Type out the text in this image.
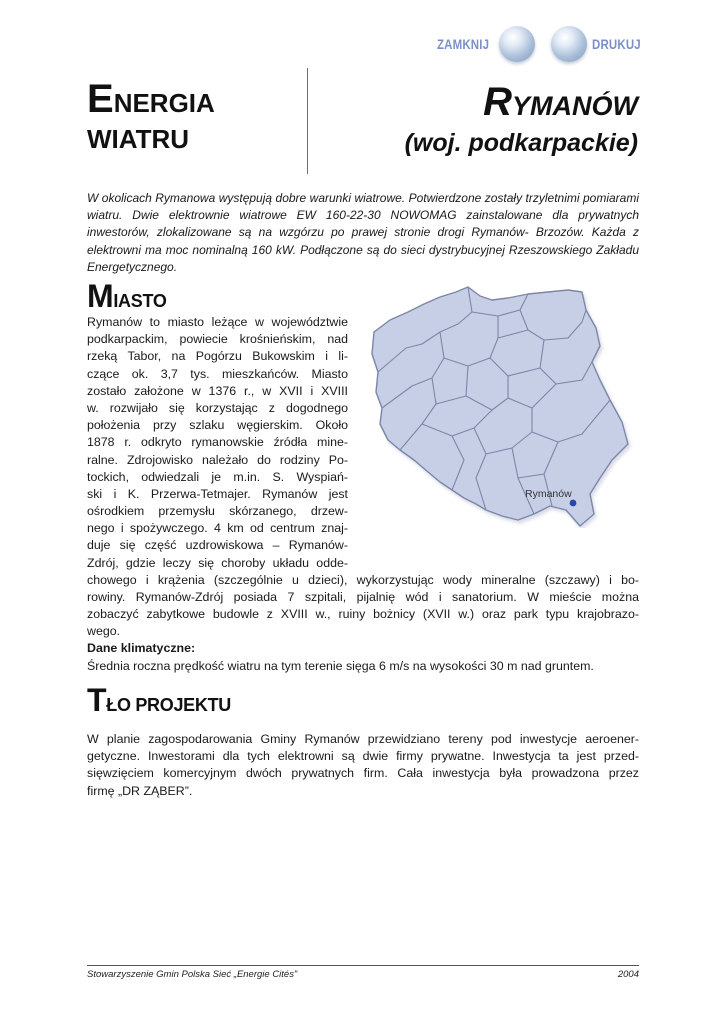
ZAMKNIJ	DRUKUJ
ENERGIA
WIATRU
RYMANÓW
(woj. podkarpackie)
W okolicach Rymanowa występują dobre warunki wiatrowe. Potwierdzone zostały trzyletnimi pomiarami wiatru. Dwie elektrownie wiatrowe EW 160-22-30 NOWOMAG zainstalowane dla prywatnych inwestorów, zlokalizowane są na wzgórzu po prawej stronie drogi Rymanów- Brzozów. Każda z elektrowni ma moc nominalną 160 kW. Podłączone są do sieci dystrybucyjnej Rzeszowskiego Zakładu Energetycznego.
MIASTO
Rymanów
Rymanów to miasto leżące w województwie
podkarpackim, powiecie krośnieńskim, nad
rzeką Tabor, na Pogórzu Bukowskim i li-
czące ok. 3,7 tys. mieszkańców. Miasto
zostało założone w 1376 r., w XVII i XVIII
w. rozwijało się korzystając z dogodnego
położenia przy szlaku węgierskim. Około
1878 r. odkryto rymanowskie źródła mine-
ralne. Zdrojowisko należało do rodziny Po-
tockich, odwiedzali je m.in. S. Wyspiań-
ski i K. Przerwa-Tetmajer. Rymanów jest
ośrodkiem przemysłu skórzanego, drzew-
nego i spożywczego. 4 km od centrum znaj-
duje się część uzdrowiskowa – Rymanów-
Zdrój, gdzie leczy się choroby układu odde-
chowego i krążenia (szczególnie u dzieci), wykorzystując wody mineralne (szczawy) i bo-
rowiny. Rymanów-Zdrój posiada 7 szpitali, pijalnię wód i sanatorium. W mieście można
zobaczyć zabytkowe budowle z XVIII w., ruiny bożnicy (XVII w.) oraz park typu krajobrazo-
wego.
Dane klimatyczne:
Średnia roczna prędkość wiatru na tym terenie sięga 6 m/s na wysokości 30 m nad gruntem.
TŁO PROJEKTU
W planie zagospodarowania Gminy Rymanów przewidziano tereny pod inwestycje aeroener-
getyczne. Inwestorami dla tych elektrowni są dwie firmy prywatne. Inwestycja ta jest przed-
sięwzięciem komercyjnym dwóch prywatnych firm. Cała inwestycja była prowadzona przez
firmę „DR ZĄBER”.
Stowarzyszenie Gmin Polska Sieć „Energie Cités”	2004
